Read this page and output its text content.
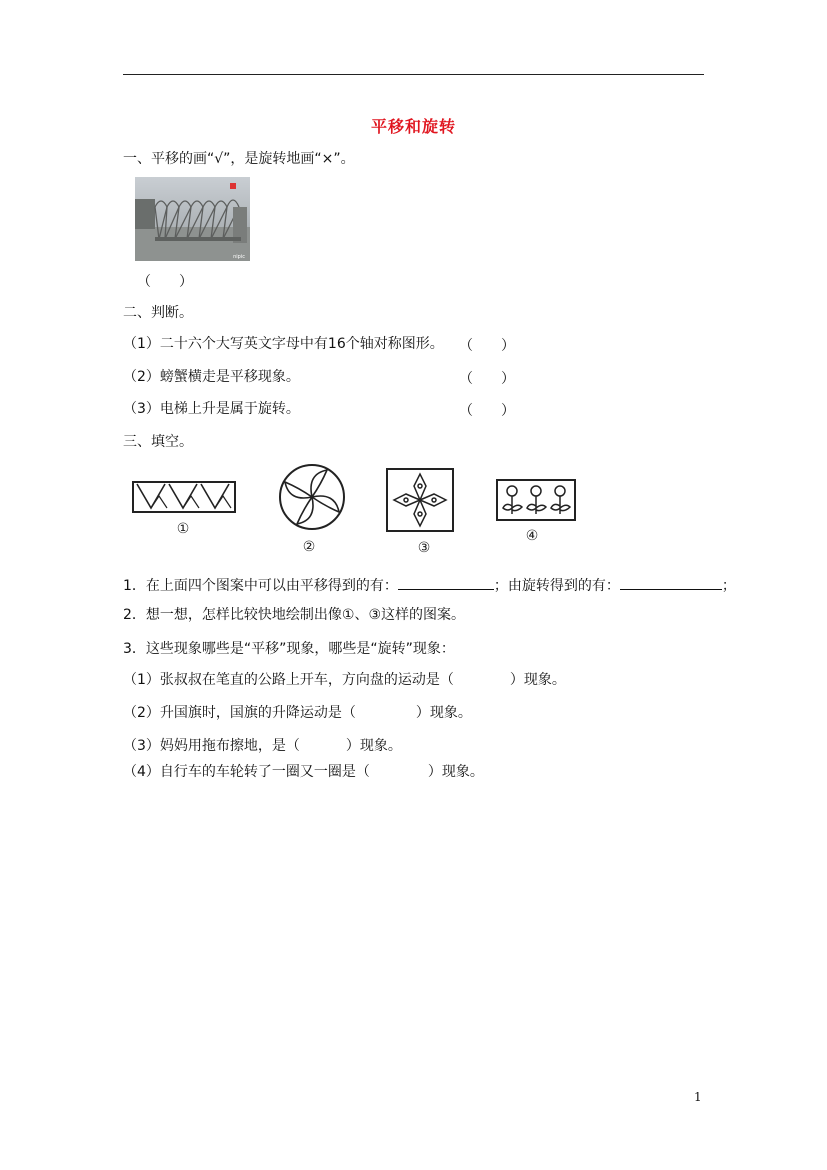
平移和旋转
一、平移的画“√”，是旋转地画“×”。
nipic
（　　）
二、判断。
（1）二十六个大写英文字母中有16个轴对称图形。 （　　）
（2）螃蟹横走是平移现象。	（　　）
（3）电梯上升是属于旋转。	（　　）
三、填空。
①
②	③
④
1．在上面四个图案中可以由平移得到的有：	；由旋转得到的有：	；
2．想一想，怎样比较快地绘制出像①、③这样的图案。
3．这些现象哪些是“平移”现象，哪些是“旋转”现象：
（1）张叔叔在笔直的公路上开车，方向盘的运动是（	）现象。
（2）升国旗时，国旗的升降运动是（	）现象。
（3）妈妈用拖布擦地，是（	）现象。
（4）自行车的车轮转了一圈又一圈是（	）现象。
1
